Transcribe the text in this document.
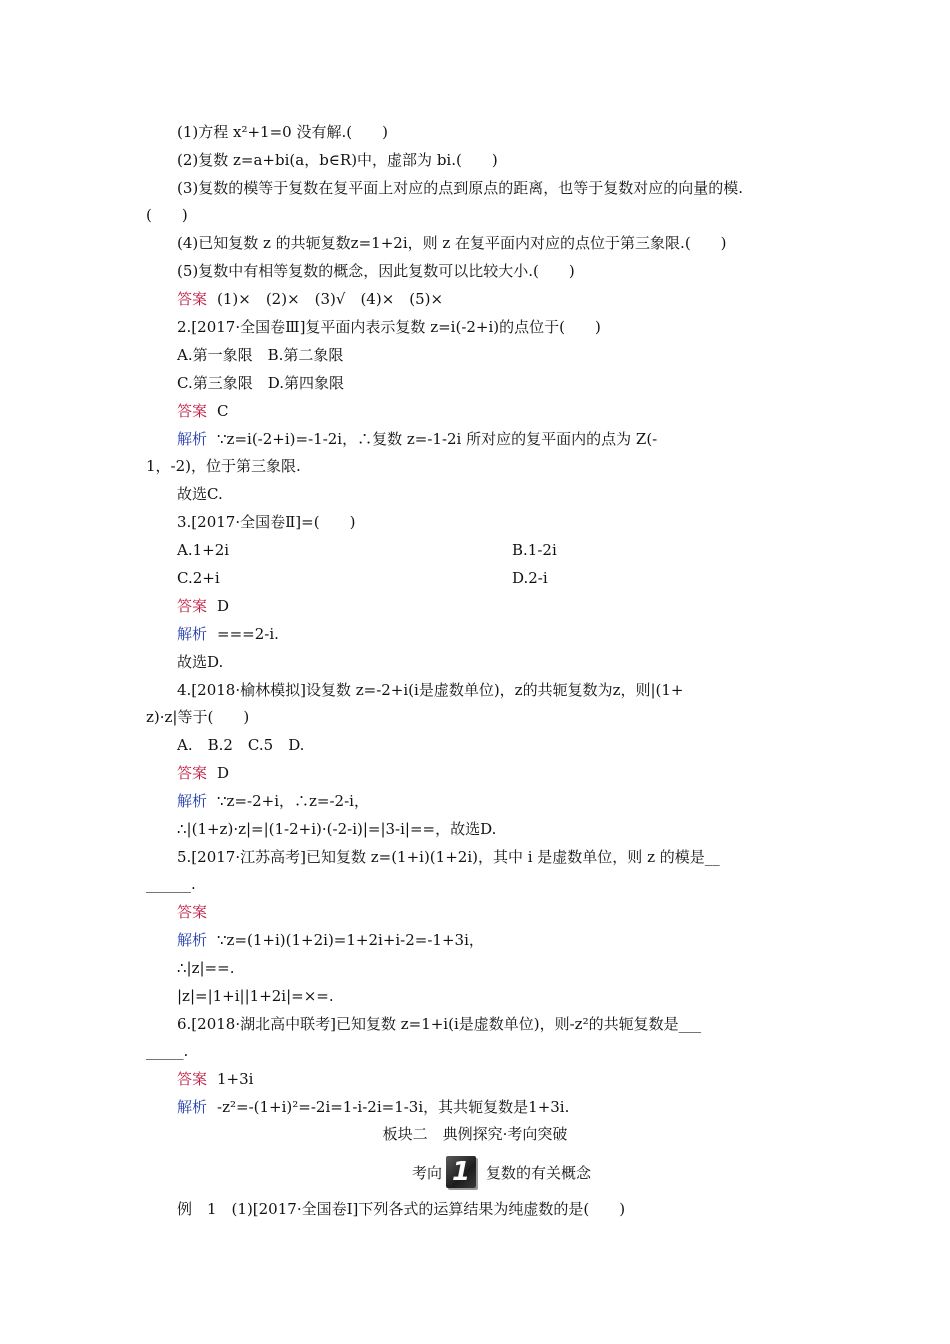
(1)方程 x²+1=0 没有解.(　　)
(2)复数 z=a+bi(a，b∈R)中，虚部为 bi.(　　)
(3)复数的模等于复数在复平面上对应的点到原点的距离，也等于复数对应的向量的模.
(　　)
(4)已知复数 z 的共轭复数z=1+2i，则 z 在复平面内对应的点位于第三象限.(　　)
(5)复数中有相等复数的概念，因此复数可以比较大小.(　　)
答案 (1)×　(2)×　(3)√　(4)×　(5)×
2.[2017·全国卷Ⅲ]复平面内表示复数 z=i(-2+i)的点位于(　　)
A.第一象限　B.第二象限
C.第三象限　D.第四象限
答案 C
解析 ∵z=i(-2+i)=-1-2i，∴复数 z=-1-2i 所对应的复平面内的点为 Z(-
1，-2)，位于第三象限.
故选C.
3.[2017·全国卷Ⅱ]=(　　)
A.1+2i	B.1-2i
C.2+i	D.2-i
答案 D
解析 ===2-i.
故选D.
4.[2018·榆林模拟]设复数 z=-2+i(i是虚数单位)，z的共轭复数为z，则|(1+
z)·z|等于(　　)
A.　B.2　C.5　D.
答案 D
解析 ∵z=-2+i，∴z=-2-i，
∴|(1+z)·z|=|(1-2+i)·(-2-i)|=|3-i|==，故选D.
5.[2017·江苏高考]已知复数 z=(1+i)(1+2i)，其中 i 是虚数单位，则 z 的模是__
______.
答案
解析 ∵z=(1+i)(1+2i)=1+2i+i-2=-1+3i，
∴|z|==.
|z|=|1+i||1+2i|=×=.
6.[2018·湖北高中联考]已知复数 z=1+i(i是虚数单位)，则-z²的共轭复数是___
_____.
答案 1+3i
解析 -z²=-(1+i)²=-2i=1-i-2i=1-3i，其共轭复数是1+3i.
例　1　(1)[2017·全国卷Ⅰ]下列各式的运算结果为纯虚数的是(　　)
板块二　典例探究·考向突破
考向 1	复数的有关概念
